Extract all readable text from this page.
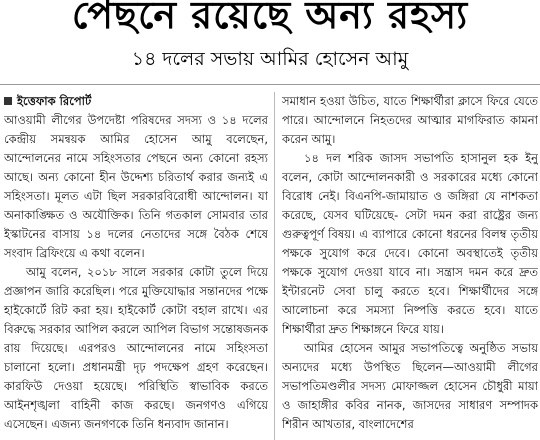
পেছনে রয়েছে অন্য রহস্য
১৪ দলের সভায় আমির হোসেন আমু
ইত্তেফাক রিপোর্ট

আওয়ামী লীগের উপদেষ্টা পরিষদের সদস্য ও ১৪ দলের কেন্দ্রীয় সমন্বয়ক আমির হোসেন আমু বলেছেন, আন্দোলনের নামে সহিংসতার পেছনে অন্য কোনো রহস্য আছে। অন্য কোনো হীন উদ্দেশ্য চরিতার্থ করার জন্যই এ সহিংসতা। মূলত এটা ছিল সরকারবিরোধী আন্দোলন। যা অনাকাঙ্ক্ষিত ও অযৌক্তিক। তিনি গতকাল সোমবার তার ইস্কাটনের বাসায় ১৪ দলের নেতাদের সঙ্গে বৈঠক শেষে সংবাদ ব্রিফিংয়ে এ কথা বলেন।

আমু বলেন, ২০১৮ সালে সরকার কোটা তুলে দিয়ে প্রজ্ঞাপন জারি করেছিল। পরে মুক্তিযোদ্ধার সন্তানদের পক্ষে হাইকোর্টে রিট করা হয়। হাইকোর্ট কোটা বহাল রাখে। এর বিরুদ্ধে সরকার আপিল করলে আপিল বিভাগ সন্তোষজনক রায় দিয়েছে। এরপরও আন্দোলনের নামে সহিংসতা চালানো হলো। প্রধানমন্ত্রী দৃঢ় পদক্ষেপ গ্রহণ করেছেন। কারফিউ দেওয়া হয়েছে। পরিস্থিতি স্বাভাবিক করতে আইনশৃঙ্খলা বাহিনী কাজ করছে। জনগণও এগিয়ে এসেছেন। এজন্য জনগণকে তিনি ধন্যবাদ জানান।

সমাধান হওয়া উচিত, যাতে শিক্ষার্থীরা ক্লাসে ফিরে যেতে পারে। আন্দোলনে নিহতদের আত্মার মাগফিরাত কামনা করেন আমু।

১৪ দল শরিক জাসদ সভাপতি হাসানুল হক ইনু বলেন, কোটা আন্দোলনকারী ও সরকারের মধ্যে কোনো বিরোধ নেই। বিএনপি-জামায়াত ও জঙ্গিরা যে নাশকতা করেছে, যেসব ঘটিয়েছে- সেটা দমন করা রাষ্ট্রের জন্য গুরুত্বপূর্ণ বিষয়। এ ব্যাপারে কোনো ধরনের বিলম্ব তৃতীয় পক্ষকে সুযোগ করে দেবে। কোনো অবস্থাতেই তৃতীয় পক্ষকে সুযোগ দেওয়া যাবে না। সন্ত্রাস দমন করে দ্রুত ইন্টারনেট সেবা চালু করতে হবে। শিক্ষার্থীদের সঙ্গে আলোচনা করে সমস্যা নিষ্পত্তি করতে হবে। যাতে শিক্ষার্থীরা দ্রুত শিক্ষাঙ্গনে ফিরে যায়।

আমির হোসেন আমুর সভাপতিত্বে অনুষ্ঠিত সভায় অন্যদের মধ্যে উপস্থিত ছিলেন—আওয়ামী লীগের সভাপতিমণ্ডলীর সদস্য মোফাজ্জল হোসেন চৌধুরী মায়া ও জাহাঙ্গীর কবির নানক, জাসদের সাধারণ সম্পাদক শিরীন আখতার, বাংলাদেশের
